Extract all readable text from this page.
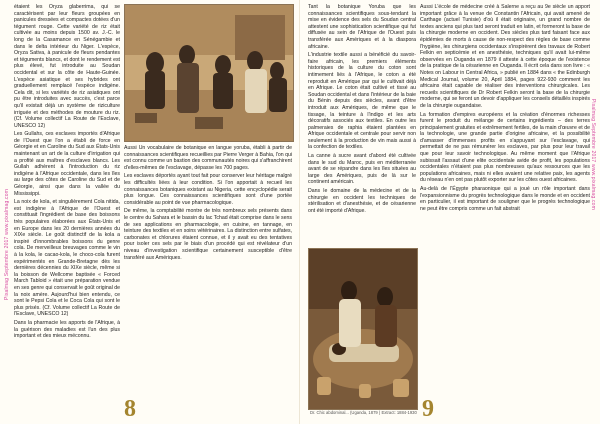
Pixalmag Septembre 2017 www.pixalmag.com

étaient les Oryza glaberrima, qui se caractérisent par leur fleurs groupées en panicules dressées et compactes dotées d'un tégument rouge. Cette variété de riz était cultivée au moins depuis 1500 av. J.-C. le long de la Casamance en Sénégambie et dans le delta intérieur du Niger. L'espèce, Oryza Sativa, à panicule de fleurs pendantes et téguments blancs, et dont le rendement est plus élevé, fut introduite au Soudan occidental et sur la côte de Haute-Guinée. L'espèce asiatique et ses hybrides ont graduellement remplacé l'espèce indigène. Cela dit, si les variétés de riz asiatiques ont pu être introduites avec succès, c'est parce qu'il existait déjà un système de riziculture irriguée et des méthodes de mouture du riz. (Cf. Volume collectif La Route de l'Esclave, UNESCO 12)

Les Gullahs, ces esclaves importés d'Afrique de l'Ouest que l'on a établi de force en Géorgie et en Caroline du Sud aux États-Unis maintenant un art de la culture d'irrigation qui a profité aux maîtres d'esclaves blancs. Les Gullah adhèrent à l'introduction du riz indigène à l'Afrique occidentale, dans les îles au large des côtes de Caroline du Sud et de Géorgie, ainsi que dans la vallée du Mississippi.

La noix de kola, et singulièrement Cola nitida, est indigène à l'Afrique de l'Ouest et constituait l'ingrédient de base des boissons très populaires élaborées aux États-Unis et en Europe dans les 20 dernières années du XIXe siècle. Le goût distinctif de la kola a inspiré d'innombrables boissons du genre cola. De merveilleux breuvages comme le vin à la kola, le cacao-kola, le choco-cola furent expérimentés en Grande-Bretagne dès les dernières décennies du XIXe siècle, même si la boisson de Wellcome baptisée « Forced March Tabloid » était une préparation vendue en ses genre qui conservait le goût original de la noix amère. Aujourd'hui bien entendu, ce sont le Pepsi Cola et le Coca Cola qui sont le plus prisés. (Cf. Volume collectif La Route de l'Esclave, UNESCO 12)

Dans la pharmacie les apports de l'Afrique, à la guérison des maladies est l'un des plus important et des mieux méconnu.

Aussi Un vocabulaire de botanique en langue yoruba, établi à partir de connaissances scientifiques recueillies par Pierre Verger à Bahia, l'on qui est connu comme un bastion des communautés noires qui s'affranchirent d'elles-mêmes de l'esclavage, dépasse les 700 pages.

Les esclaves déportés ayant tout fait pour conserver leur héritage malgré les difficultés liées à leur condition. Si l'on apportait à recueil les connaissances botaniques existant au Nigeria, cette encyclopédie serait plus longue. Ces connaissances scientifiques sont d'une portée considérable au point de vue pharmacologique.

De même, la comptabilité montre de très nombreux sels présents dans le centre du Sahara et le bassin du lac Tchad était comprise dans le sens de ses applications en pharmacologie, en cuisine, en tannage, en teinture des textiles et en soins vétérinaires. La distinction entre sulfates, carbonates et chlorures étaient connue, et il y avait eu des tentatives pour isoler ces sels par le biais d'un procédé qui est révélateur d'un niveau d'investigation scientifique certainement susceptible d'être transféré aux Amériques.

8

Tant la botanique Yoruba que les connaissances scientifiques sous-tendant la mise en évidence des sels du Soudan central attestent une sophistication scientifique qui fut diffusée au sein de l'Afrique de l'Ouest puis transférée aux Amériques et à la diaspora africaine.

L'industrie textile aussi a bénéficié du savoir-faire africain, les premiers éléments historiques de la culture du coton sont intimement liés à l'Afrique, le coton a été reproduit en Amérique par qui le cultivait déjà en Afrique. Le coton était cultivé et tissé au Soudan occidental et dans l'intérieur de la baie du Bénin depuis des siècles, avant d'être introduit aux Amériques, de même que le tissage, la teinture à l'indigo et les arts décoratifs associés aux textiles. En outre les palmeraies de raphia étaient plantées en Afrique occidentale et centrale pour servir non seulement à la production de vin mais aussi à la confection de textiles.

La canne à sucre avant d'abord été cultivée dans le sud du Maroc, puis en méditerranée avant de se répandre dans les îles situées au large des Amériques, puis de là sur le continent américain.

Dans le domaine de la médecine et de la chirurgie en occident les techniques de stérilisation et d'anesthésie, et de césarienne ont été importé d'Afrique.

Dr. Chic abdominal... (Uganda, 1879 ) Extract: 1884-1930

Aussi L'école de médecine créé à Salerne a reçu au 9e siècle un apport important grâce à la venue de Constantin l'Africain, qui avait amené de Carthage (actuel Tunisie) d'où il était originaire, un grand nombre de textes anciens qui plus tard seront traduit en latin, et formeront la base de la chirurgie moderne en occident. Des siècles plus tard faisant face aux épidémies de morts à cause de non-respect des règles de base comme l'hygiène, les chirurgiens occidentaux s'inspirèrent des travaux de Robert Felkin en septicémie et en anesthésie, techniques qu'il avait lui-même observées en Ouganda en 1879 il atteste à cette époque de l'existence de la pratique de la césarienne en Ouganda. Il écrit cela dans son livre : « Notes on Labour in Central Africa, » publié en 1884 dans « the Edinburgh Medical Journal, volume 20, April 1884, pages 922-930 comment les africains était capable de réaliser des interventions chirurgicales. Les recueils scientifiques de Dr Robert Felkin seront la base de la chirurgie moderne, qui se feront un devoir d'appliquer les conseils détaillés inspirés de la chirurgie ougandaise.

La formation d'empires européens et la création d'énormes richesses furent le produit du mélange de certains ingrédients – des terres principalement gratuites et extrêmement fertiles, de la main d'œuvre et de la technologie, une grande partie d'origine africaine, et la possibilité d'amasser d'immenses profits en s'appuyant sur l'esclavage, qui permettait de ne pas rémunérer les esclaves, par plus pour leur travail que pour leur savoir technologique. Au même moment que l'Afrique subissait l'assaut d'une elite occidentale avide de profit, les populations occidentales n'étaient pas plus nombreuses qu'aux ressources que les populations africaines, mais ni elles avaient une relative paix, les agents du réseau n'en ont pas plutôt exporter sur les côtes ouest africaines.

Au-delà de l'Égypte pharaonique qui a joué un rôle important dans l'expansionnisme du progrès technologique dans le monde et en occident en particulier, il est important de souligner que le progrès technologique ne peut être compris comme un fait abstrait

9
Pixalmag Septembre 2017 www.pixalmag.com
